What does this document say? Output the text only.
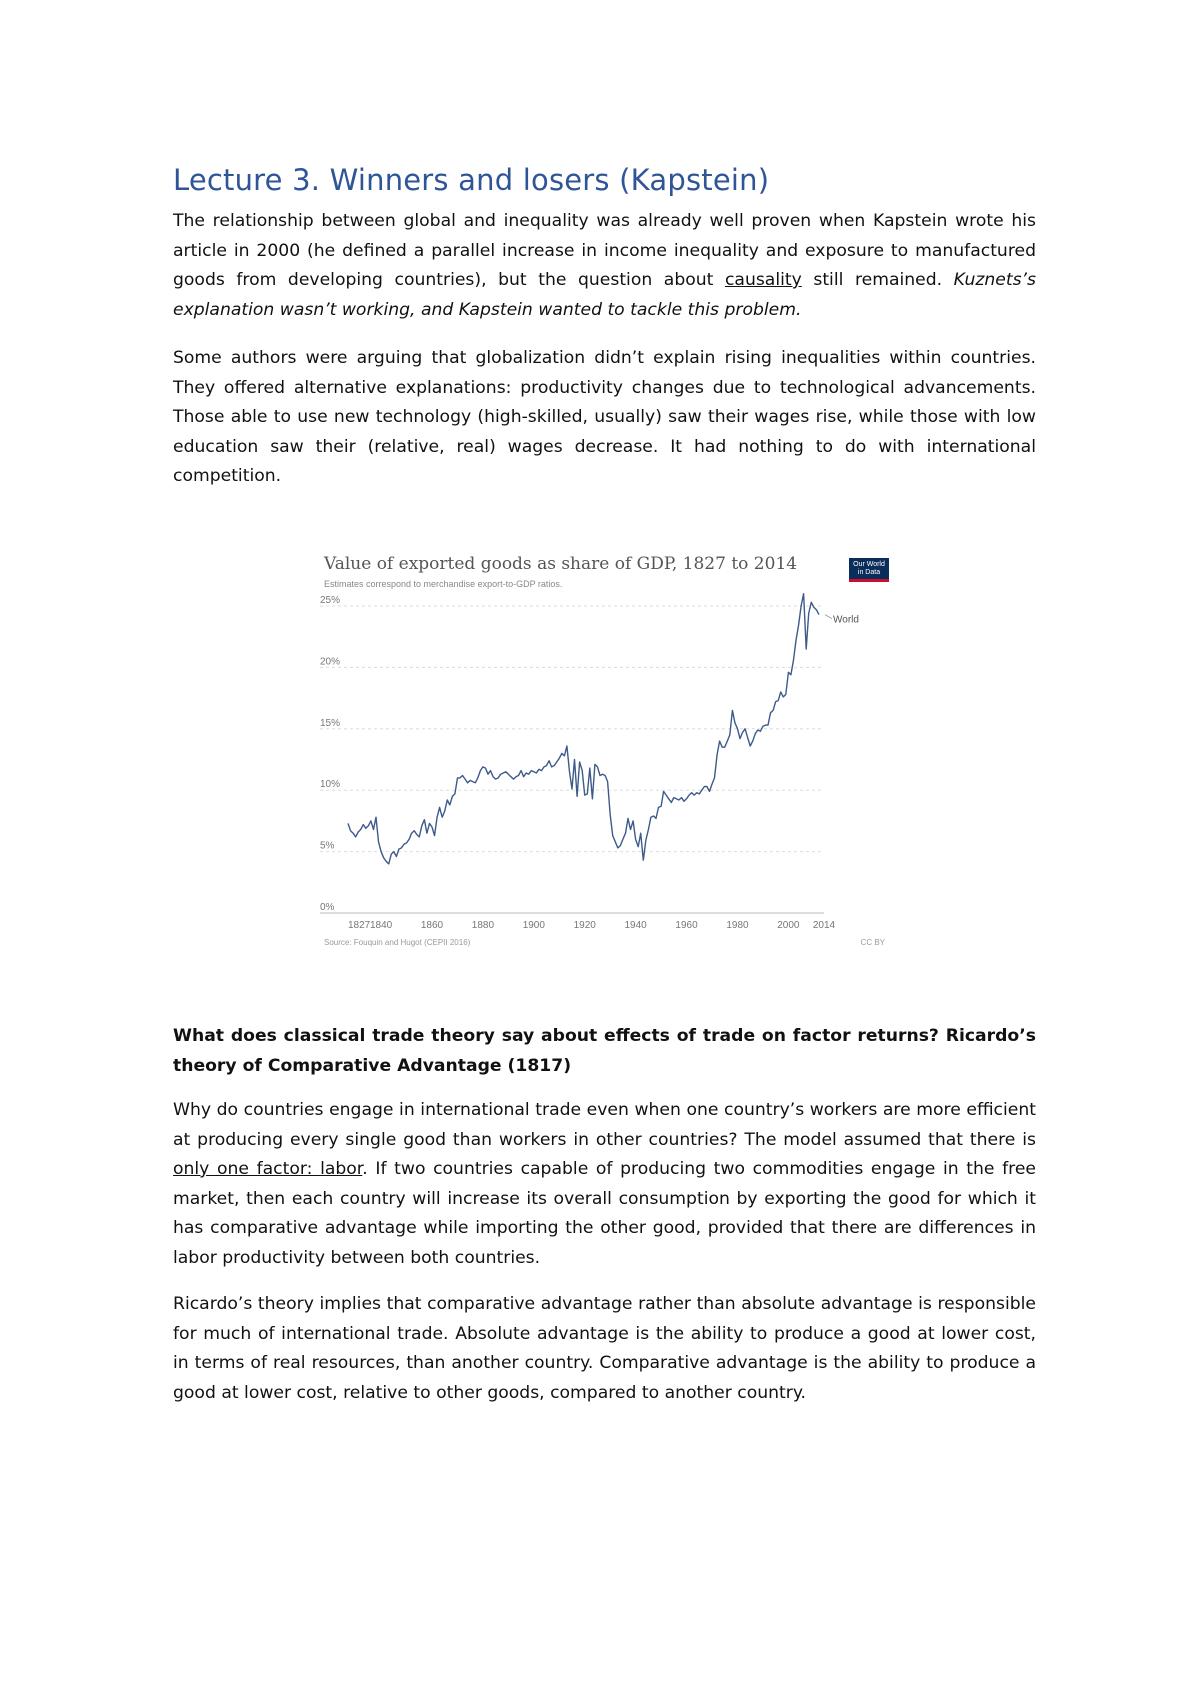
Lecture 3. Winners and losers (Kapstein)

The relationship between global and inequality was already well proven when Kapstein wrote his article in 2000 (he defined a parallel increase in income inequality and exposure to manufactured goods from developing countries), but the question about causality still remained. Kuznets’s explanation wasn’t working, and Kapstein wanted to tackle this problem.

Some authors were arguing that globalization didn’t explain rising inequalities within countries. They offered alternative explanations: productivity changes due to technological advancements. Those able to use new technology (high-skilled, usually) saw their wages rise, while those with low education saw their (relative, real) wages decrease. It had nothing to do with international competition.

0%
5%
10%
15%
20%
25%
1827 1840	1860	1880	1900	1920	1940	1960	1980	2000 2014
World

Value of exported goods as share of GDP, 1827 to 2014

Estimates correspond to merchandise export-to-GDP ratios.

Our World
in Data

Source: Fouquin and Hugot (CEPII 2016)	CC BY

What does classical trade theory say about effects of trade on factor returns? Ricardo’s theory of Comparative Advantage (1817)

Why do countries engage in international trade even when one country’s workers are more efficient at producing every single good than workers in other countries? The model assumed that there is only one factor: labor. If two countries capable of producing two commodities engage in the free market, then each country will increase its overall consumption by exporting the good for which it has comparative advantage while importing the other good, provided that there are differences in labor productivity between both countries.

Ricardo’s theory implies that comparative advantage rather than absolute advantage is responsible for much of international trade. Absolute advantage is the ability to produce a good at lower cost, in terms of real resources, than another country. Comparative advantage is the ability to produce a good at lower cost, relative to other goods, compared to another country.
